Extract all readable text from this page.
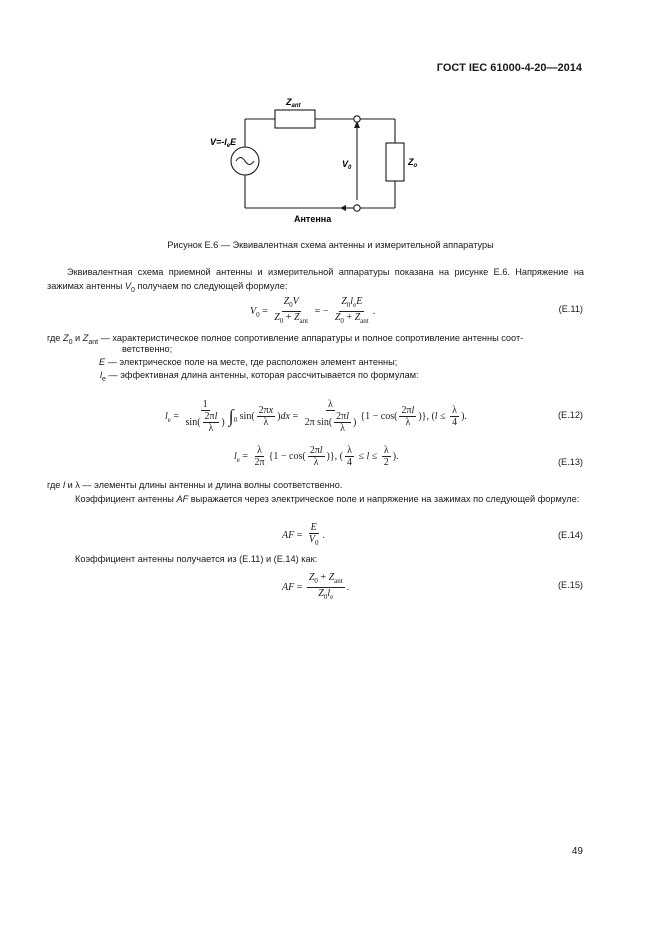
ГОСТ IEC 61000-4-20—2014
$Z_{ant}$
$Z_o$
$V_0$
$V=-l_eE$
Антенна
Рисунок Е.6 — Эквивалентная схема антенны и измерительной аппаратуры
Эквивалентная схема приемной антенны и измерительной аппаратуры показана на рисунке Е.6. Напряжение на зажимах антенны $V_0$ получаем по следующей формуле:
$V_0 = \frac{Z_0V}{Z_0 + Z_{ant}}$ = − $\frac{Z_0l_eE}{Z_0 + Z_{ant}}$ .	(E.11)
где $Z_0$ и $Z_{ant}$ — характеристическое полное сопротивление аппаратуры и полное сопротивление антенны соот-
ветственно;
E — электрическое поле на месте, где расположен элемент антенны;
$l_e$ — эффективная длина антенны, которая рассчитывается по формулам:
$l_e = \frac{1}{\sin( \frac{2\pi l}{\lambda} )} \int_0$ $\sin( \frac{2\pi x}{\lambda} )dx = \frac{\lambda}{2\pi \sin( \frac{2\pi l}{\lambda} )} \{1 - \cos( \frac{2\pi l}{\lambda}$ )}, ($l \le \frac{\lambda}{4}$ ).	(E.12)
$l_e = \frac{\lambda}{2\pi} \{1 - \cos( \frac{2\pi l}{\lambda}$ )}, ( $\frac{\lambda}{4} \le l \le \frac{\lambda}{2}$ ).
(E.13)
где l и λ — элементы длины антенны и длина волны соответственно.
Коэффициент антенны AF выражается через электрическое поле и напряжение на зажимах по следующей формуле:
AF = $\frac{E}{V_0}$ .	(E.14)
Коэффициент антенны получается из (Е.11) и (Е.14) как:
AF = $\frac{Z_0 + Z_{ant}}{Z_0l_e}$ .	(E.15)
49
